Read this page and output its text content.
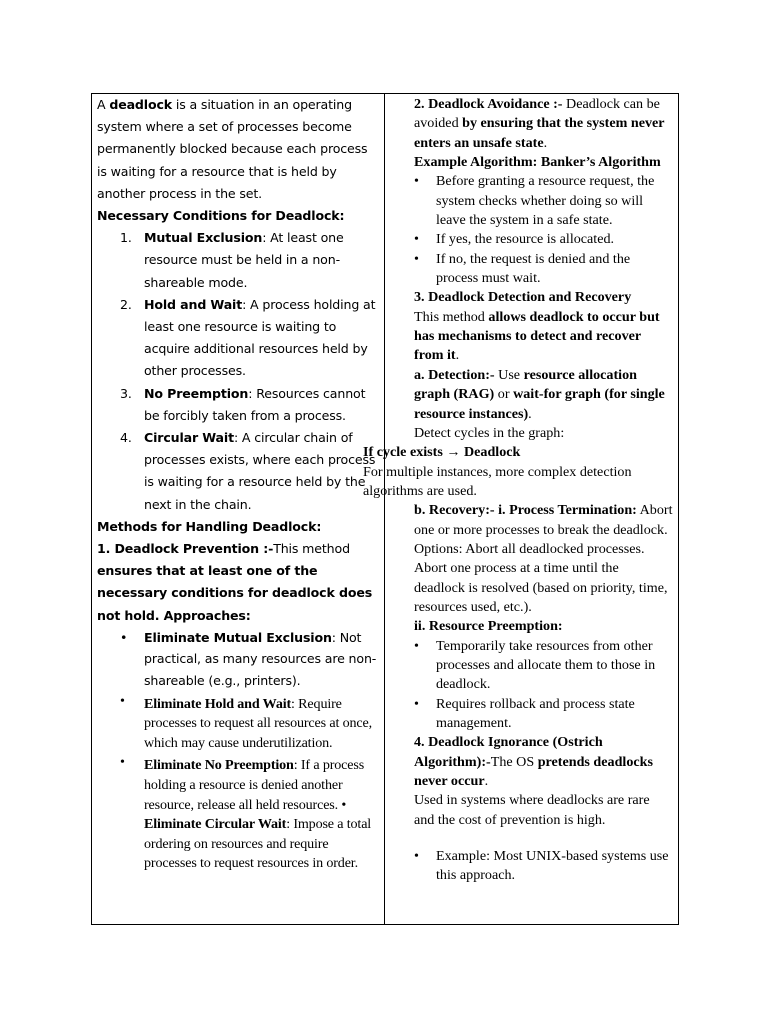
A deadlock is a situation in an operating system where a set of processes become permanently blocked because each process is waiting for a resource that is held by another process in the set.

Necessary Conditions for Deadlock:

1. Mutual Exclusion: At least one resource must be held in a non-shareable mode.
2. Hold and Wait: A process holding at least one resource is waiting to acquire additional resources held by other processes.
3. No Preemption: Resources cannot be forcibly taken from a process.
4. Circular Wait: A circular chain of processes exists, where each process is waiting for a resource held by the next in the chain.

Methods for Handling Deadlock:

1. Deadlock Prevention :-This method ensures that at least one of the necessary conditions for deadlock does not hold. Approaches:

• Eliminate Mutual Exclusion: Not practical, as many resources are non-shareable (e.g., printers).
• Eliminate Hold and Wait: Require processes to request all resources at once, which may cause underutilization.
• Eliminate No Preemption: If a process holding a resource is denied another resource, release all held resources. • Eliminate Circular Wait: Impose a total ordering on resources and require processes to request resources in order.

2. Deadlock Avoidance :- Deadlock can be avoided by ensuring that the system never enters an unsafe state.

Example Algorithm: Banker’s Algorithm

• Before granting a resource request, the system checks whether doing so will leave the system in a safe state.
• If yes, the resource is allocated.
• If no, the request is denied and the process must wait.

3. Deadlock Detection and Recovery

This method allows deadlock to occur but has mechanisms to detect and recover from it.

a. Detection:- Use resource allocation graph (RAG) or wait-for graph (for single resource instances).

Detect cycles in the graph:

If cycle exists → Deadlock

For multiple instances, more complex detection algorithms are used.

b. Recovery:- i. Process Termination: Abort one or more processes to break the deadlock. Options: Abort all deadlocked processes. Abort one process at a time until the deadlock is resolved (based on priority, time, resources used, etc.).

ii. Resource Preemption:

• Temporarily take resources from other processes and allocate them to those in deadlock.
• Requires rollback and process state management.

4. Deadlock Ignorance (Ostrich Algorithm):-The OS pretends deadlocks never occur.

Used in systems where deadlocks are rare and the cost of prevention is high.

• Example: Most UNIX-based systems use this approach.
